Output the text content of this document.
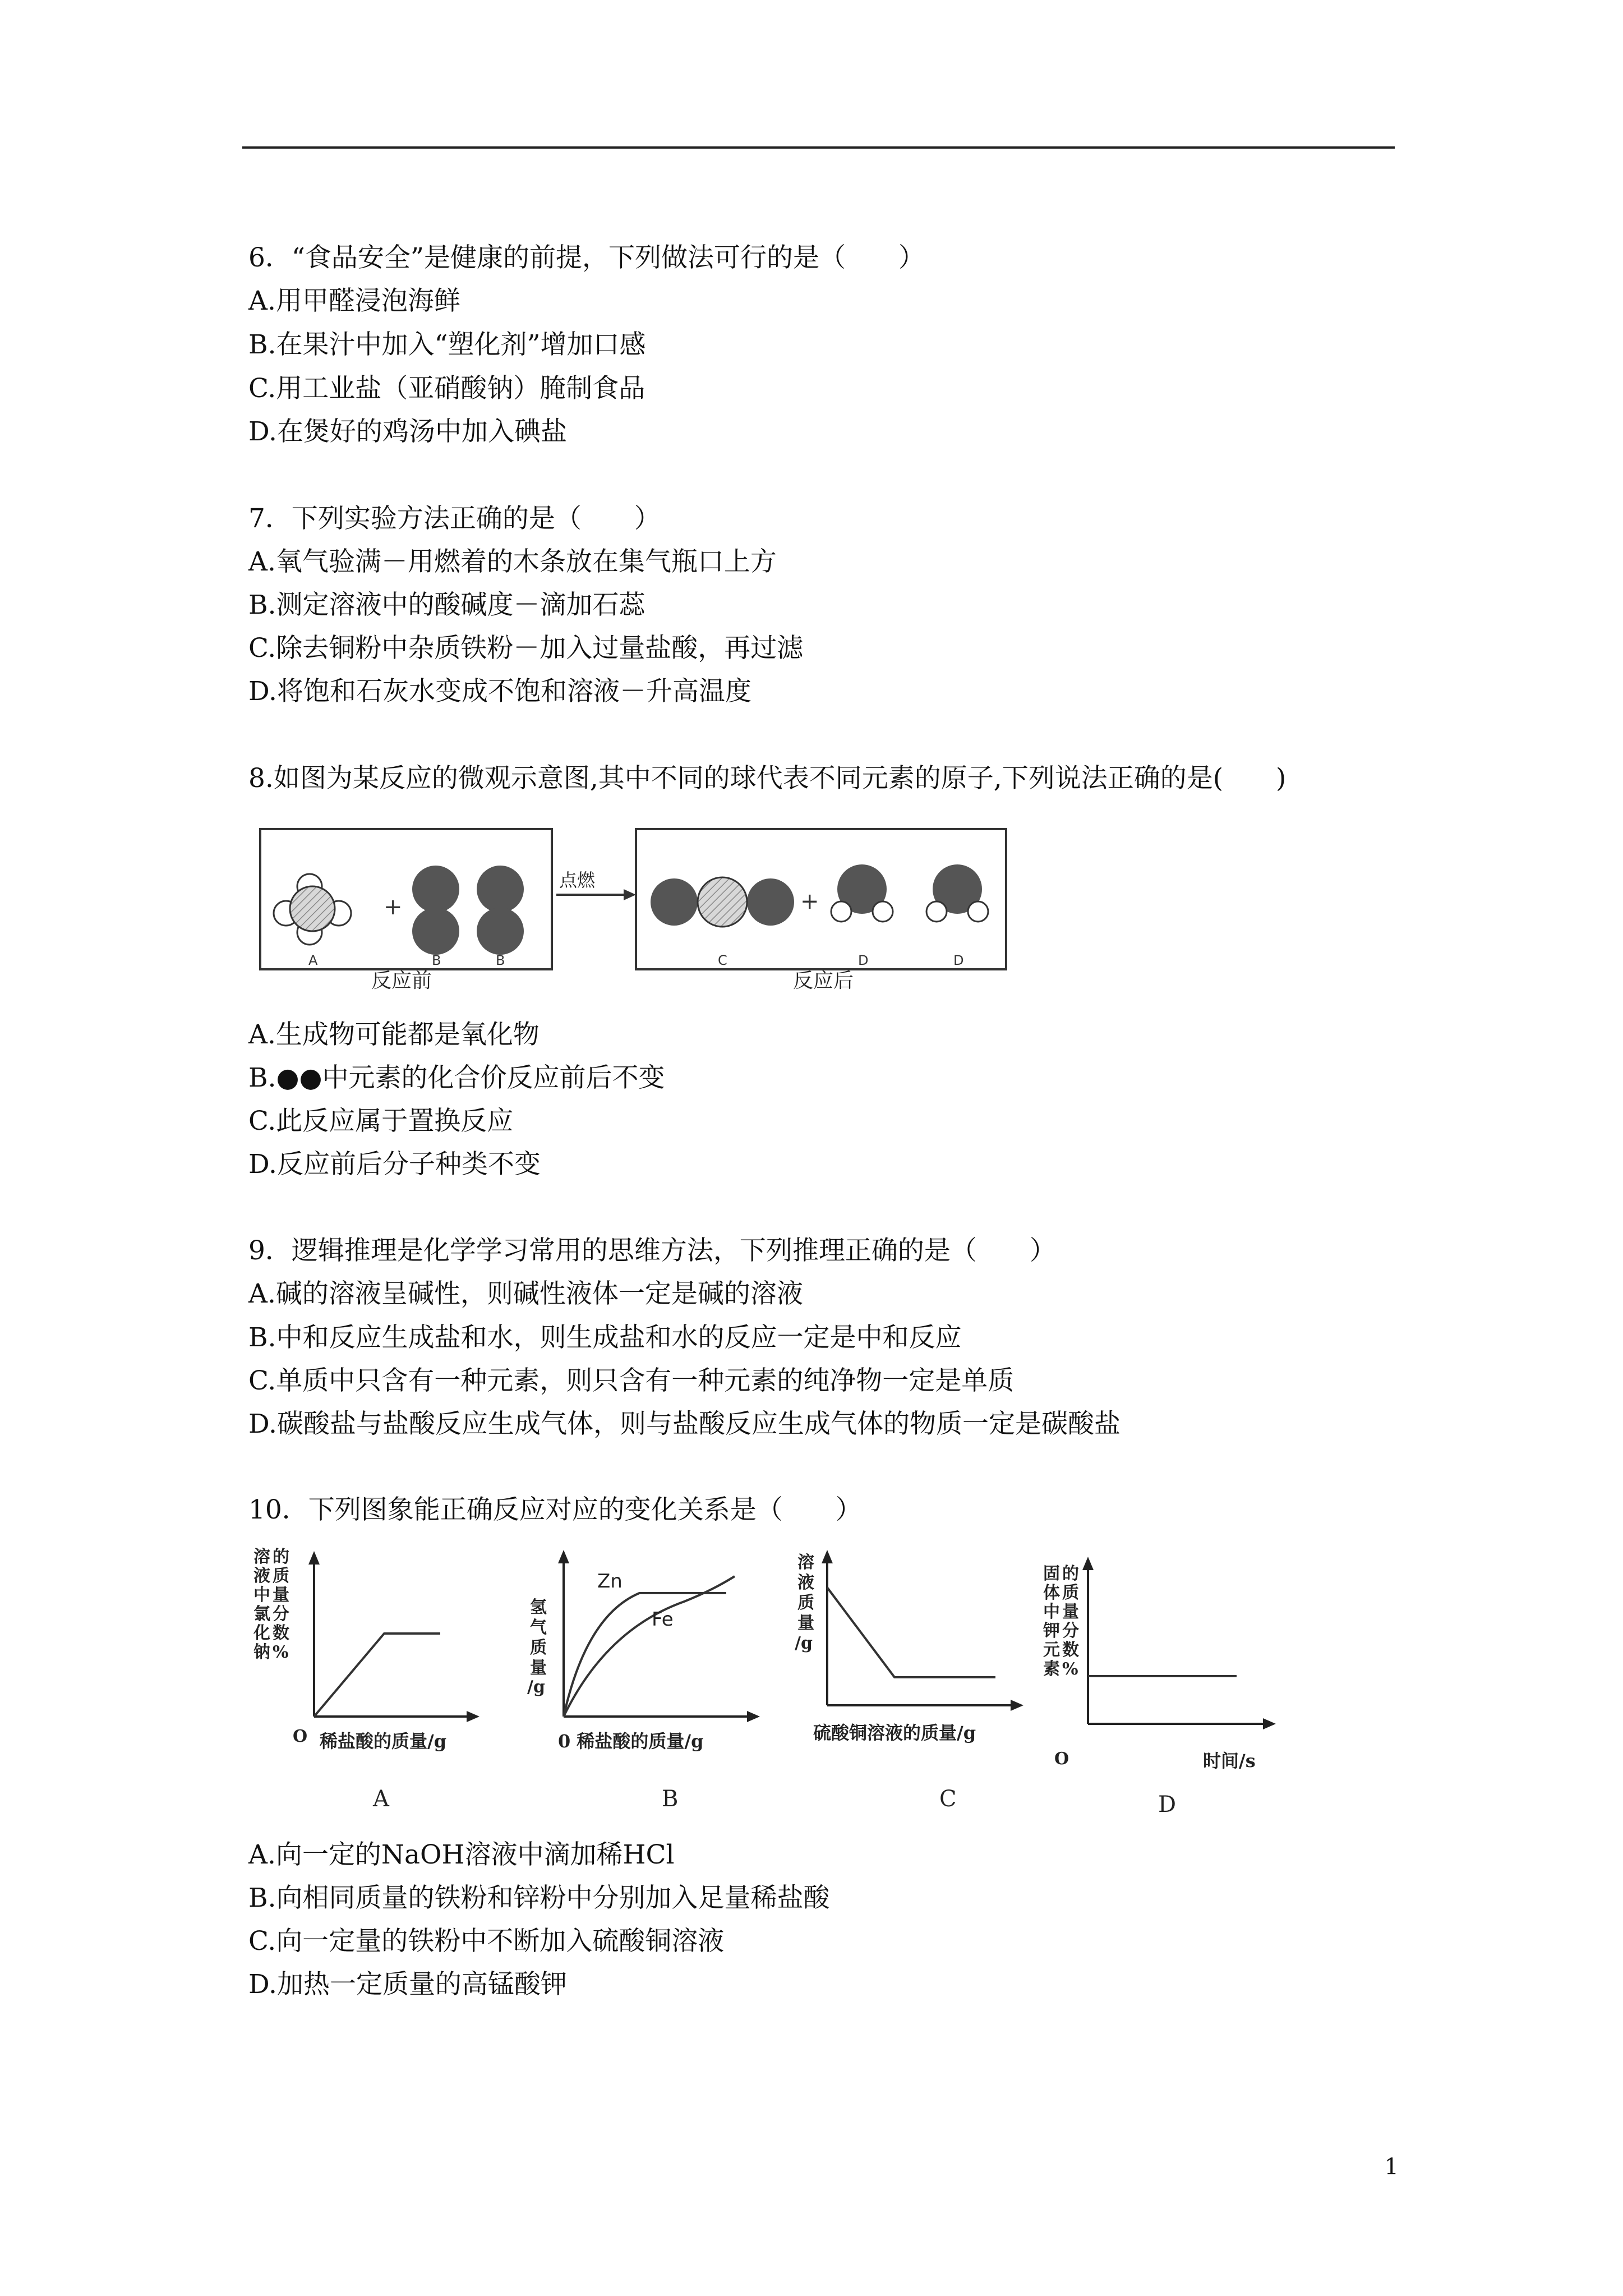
6．“食品安全”是健康的前提，下列做法可行的是（　　）
A.用甲醛浸泡海鲜
B.在果汁中加入“塑化剂”增加口感
C.用工业盐（亚硝酸钠）腌制食品
D.在煲好的鸡汤中加入碘盐
7．下列实验方法正确的是（　　）
A.氧气验满－用燃着的木条放在集气瓶口上方
B.测定溶液中的酸碱度－滴加石蕊
C.除去铜粉中杂质铁粉－加入过量盐酸，再过滤
D.将饱和石灰水变成不饱和溶液－升高温度
8.如图为某反应的微观示意图,其中不同的球代表不同元素的原子,下列说法正确的是(　　)
+
A	B	B
反应前
点燃
+
C	D	D
反应后
A.生成物可能都是氧化物
B.●●中元素的化合价反应前后不变
C.此反应属于置换反应
D.反应前后分子种类不变
9．逻辑推理是化学学习常用的思维方法，下列推理正确的是（　　）
A.碱的溶液呈碱性，则碱性液体一定是碱的溶液
B.中和反应生成盐和水，则生成盐和水的反应一定是中和反应
C.单质中只含有一种元素，则只含有一种元素的纯净物一定是单质
D.碳酸盐与盐酸反应生成气体，则与盐酸反应生成气体的物质一定是碳酸盐
10．下列图象能正确反应对应的变化关系是（　　）
溶 的
液 质
中 量
氯 分
化 数
钠 %
O 稀盐酸的质量/g
A
氢
气
质
量
/g
Zn
Fe
0 稀盐酸的质量/g
B
溶
液
质
量
/g
硫酸铜溶液的质量/g
C
固 的
体 质
中 量
钾 分
元 数
素 %
O	时间/s
D
A.向一定的NaOH溶液中滴加稀HCl
B.向相同质量的铁粉和锌粉中分别加入足量稀盐酸
C.向一定量的铁粉中不断加入硫酸铜溶液
D.加热一定质量的高锰酸钾
1
